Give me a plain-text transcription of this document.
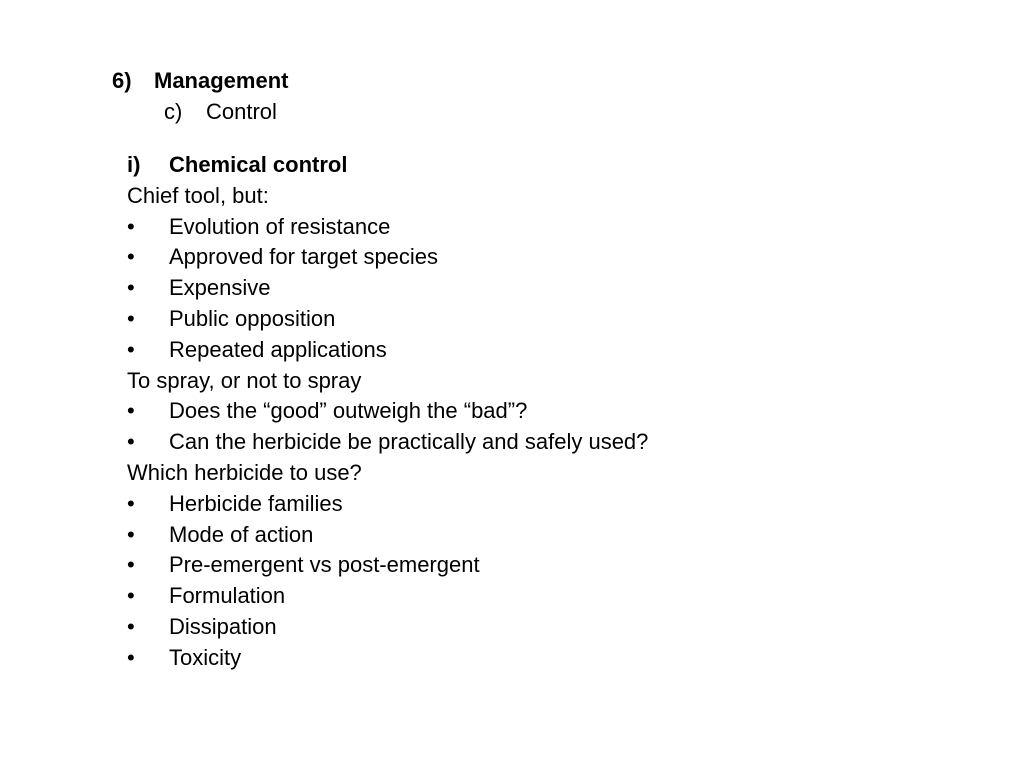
6) Management
c) Control
i) Chemical control
Chief tool, but:
• Evolution of resistance
• Approved for target species
• Expensive
• Public opposition
• Repeated applications
To spray, or not to spray
• Does the “good” outweigh the “bad”?
• Can the herbicide be practically and safely used?
Which herbicide to use?
• Herbicide families
• Mode of action
• Pre-emergent vs post-emergent
• Formulation
• Dissipation
• Toxicity
